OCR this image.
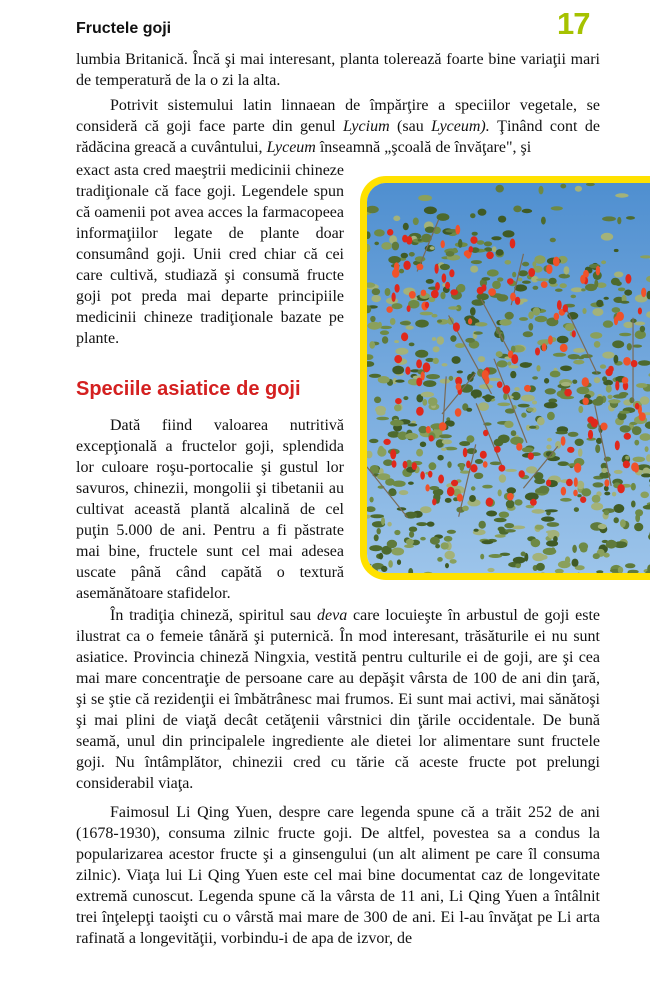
Fructele goji	17

lumbia Britanică. Încă şi mai interesant, planta tolerează foarte bine variaţii mari de temperatură de la o zi la alta.

Potrivit sistemului latin linnaean de împărţire a speciilor vegetale, se consideră că goji face parte din genul Lycium (sau Lyceum). Ţinând cont de rădăcina greacă a cuvântului, Lyceum înseamnă „şcoală de învăţare", şi

exact asta cred maeştrii medicinii chineze tradiţionale că face goji. Legendele spun că oamenii pot avea acces la farmacopeea informaţiilor legate de plante doar consumând goji. Unii cred chiar că cei care cultivă, studiază şi consumă fructe goji pot preda mai departe principiile medicinii chineze tradiţionale bazate pe plante.

Speciile asiatice de goji

Dată fiind valoarea nutritivă excepţională a fructelor goji, splendida lor culoare roşu-portocalie şi gustul lor savuros, chinezii, mongolii şi tibetanii au cultivat această plantă alcalină de cel puţin 5.000 de ani. Pentru a fi păstrate mai bine, fructele sunt cel mai adesea uscate până când capătă o textură asemănătoare stafidelor.

În tradiţia chineză, spiritul sau deva care locuieşte în arbustul de goji este ilustrat ca o femeie tânără şi puternică. În mod interesant, trăsăturile ei nu sunt asiatice. Provincia chineză Ningxia, vestită pentru culturile ei de goji, are şi cea mai mare concentraţie de persoane care au depăşit vârsta de 100 de ani din ţară, şi se ştie că rezidenţii ei îmbătrânesc mai frumos. Ei sunt mai activi, mai sănătoşi şi mai plini de viaţă decât cetăţenii vârstnici din ţările occidentale. De bună seamă, unul din principalele ingrediente ale dietei lor alimentare sunt fructele goji. Nu întâmplător, chinezii cred cu tărie că aceste fructe pot prelungi considerabil viaţa.

Faimosul Li Qing Yuen, despre care legenda spune că a trăit 252 de ani (1678-1930), consuma zilnic fructe goji. De altfel, povestea sa a condus la popularizarea acestor fructe şi a ginsengului (un alt aliment pe care îl consuma zilnic). Viaţa lui Li Qing Yuen este cel mai bine documentat caz de longevitate extremă cunoscut. Legenda spune că la vârsta de 11 ani, Li Qing Yuen a întâlnit trei înţelepţi taoişti cu o vârstă mai mare de 300 de ani. Ei l-au învăţat pe Li arta rafinată a longevităţii, vorbindu-i de apa de izvor, de
